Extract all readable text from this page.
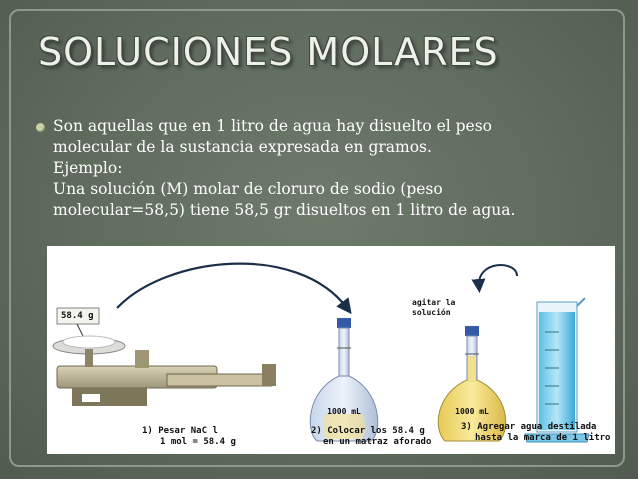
SOLUCIONES MOLARES
Son aquellas que en 1 litro de agua hay disuelto el peso
molecular de la sustancia expresada en gramos.
Ejemplo:
Una solución (M) molar de cloruro de sodio (peso
molecular=58,5) tiene 58,5 gr disueltos en 1 litro de agua.
1000 mL	1000 mL
58.4 g
agitar la
solución
1) Pesar NaC l
1 mol = 58.4 g
2) Colocar los 58.4 g
en un matraz aforado
3) Agregar agua destilada
hasta la marca de 1 litro
